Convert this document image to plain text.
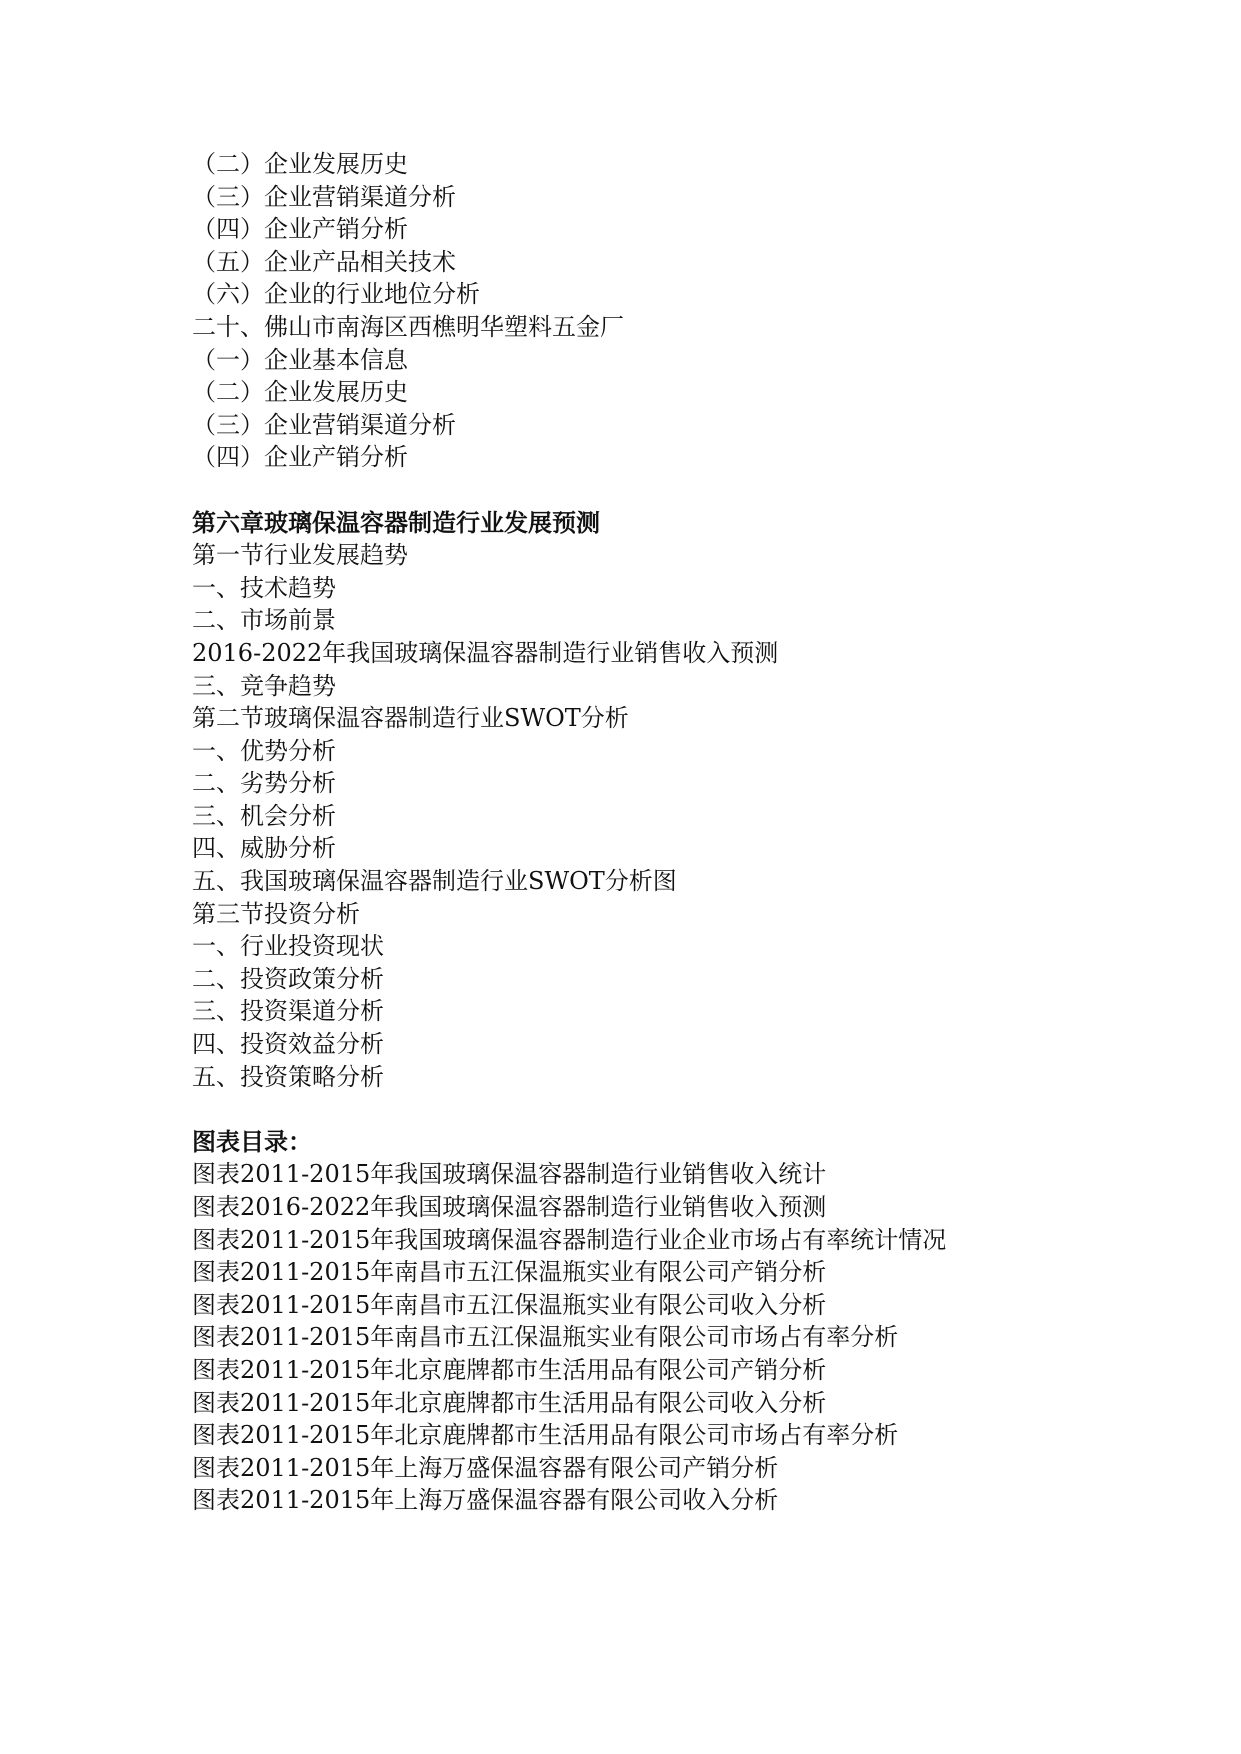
（二）企业发展历史
（三）企业营销渠道分析
（四）企业产销分析
（五）企业产品相关技术
（六）企业的行业地位分析
二十、佛山市南海区西樵明华塑料五金厂
（一）企业基本信息
（二）企业发展历史
（三）企业营销渠道分析
（四）企业产销分析
第六章玻璃保温容器制造行业发展预测
第一节行业发展趋势
一、技术趋势
二、市场前景
2016-2022年我国玻璃保温容器制造行业销售收入预测
三、竞争趋势
第二节玻璃保温容器制造行业SWOT分析
一、优势分析
二、劣势分析
三、机会分析
四、威胁分析
五、我国玻璃保温容器制造行业SWOT分析图
第三节投资分析
一、行业投资现状
二、投资政策分析
三、投资渠道分析
四、投资效益分析
五、投资策略分析
图表目录：
图表2011-2015年我国玻璃保温容器制造行业销售收入统计
图表2016-2022年我国玻璃保温容器制造行业销售收入预测
图表2011-2015年我国玻璃保温容器制造行业企业市场占有率统计情况
图表2011-2015年南昌市五江保温瓶实业有限公司产销分析
图表2011-2015年南昌市五江保温瓶实业有限公司收入分析
图表2011-2015年南昌市五江保温瓶实业有限公司市场占有率分析
图表2011-2015年北京鹿牌都市生活用品有限公司产销分析
图表2011-2015年北京鹿牌都市生活用品有限公司收入分析
图表2011-2015年北京鹿牌都市生活用品有限公司市场占有率分析
图表2011-2015年上海万盛保温容器有限公司产销分析
图表2011-2015年上海万盛保温容器有限公司收入分析
